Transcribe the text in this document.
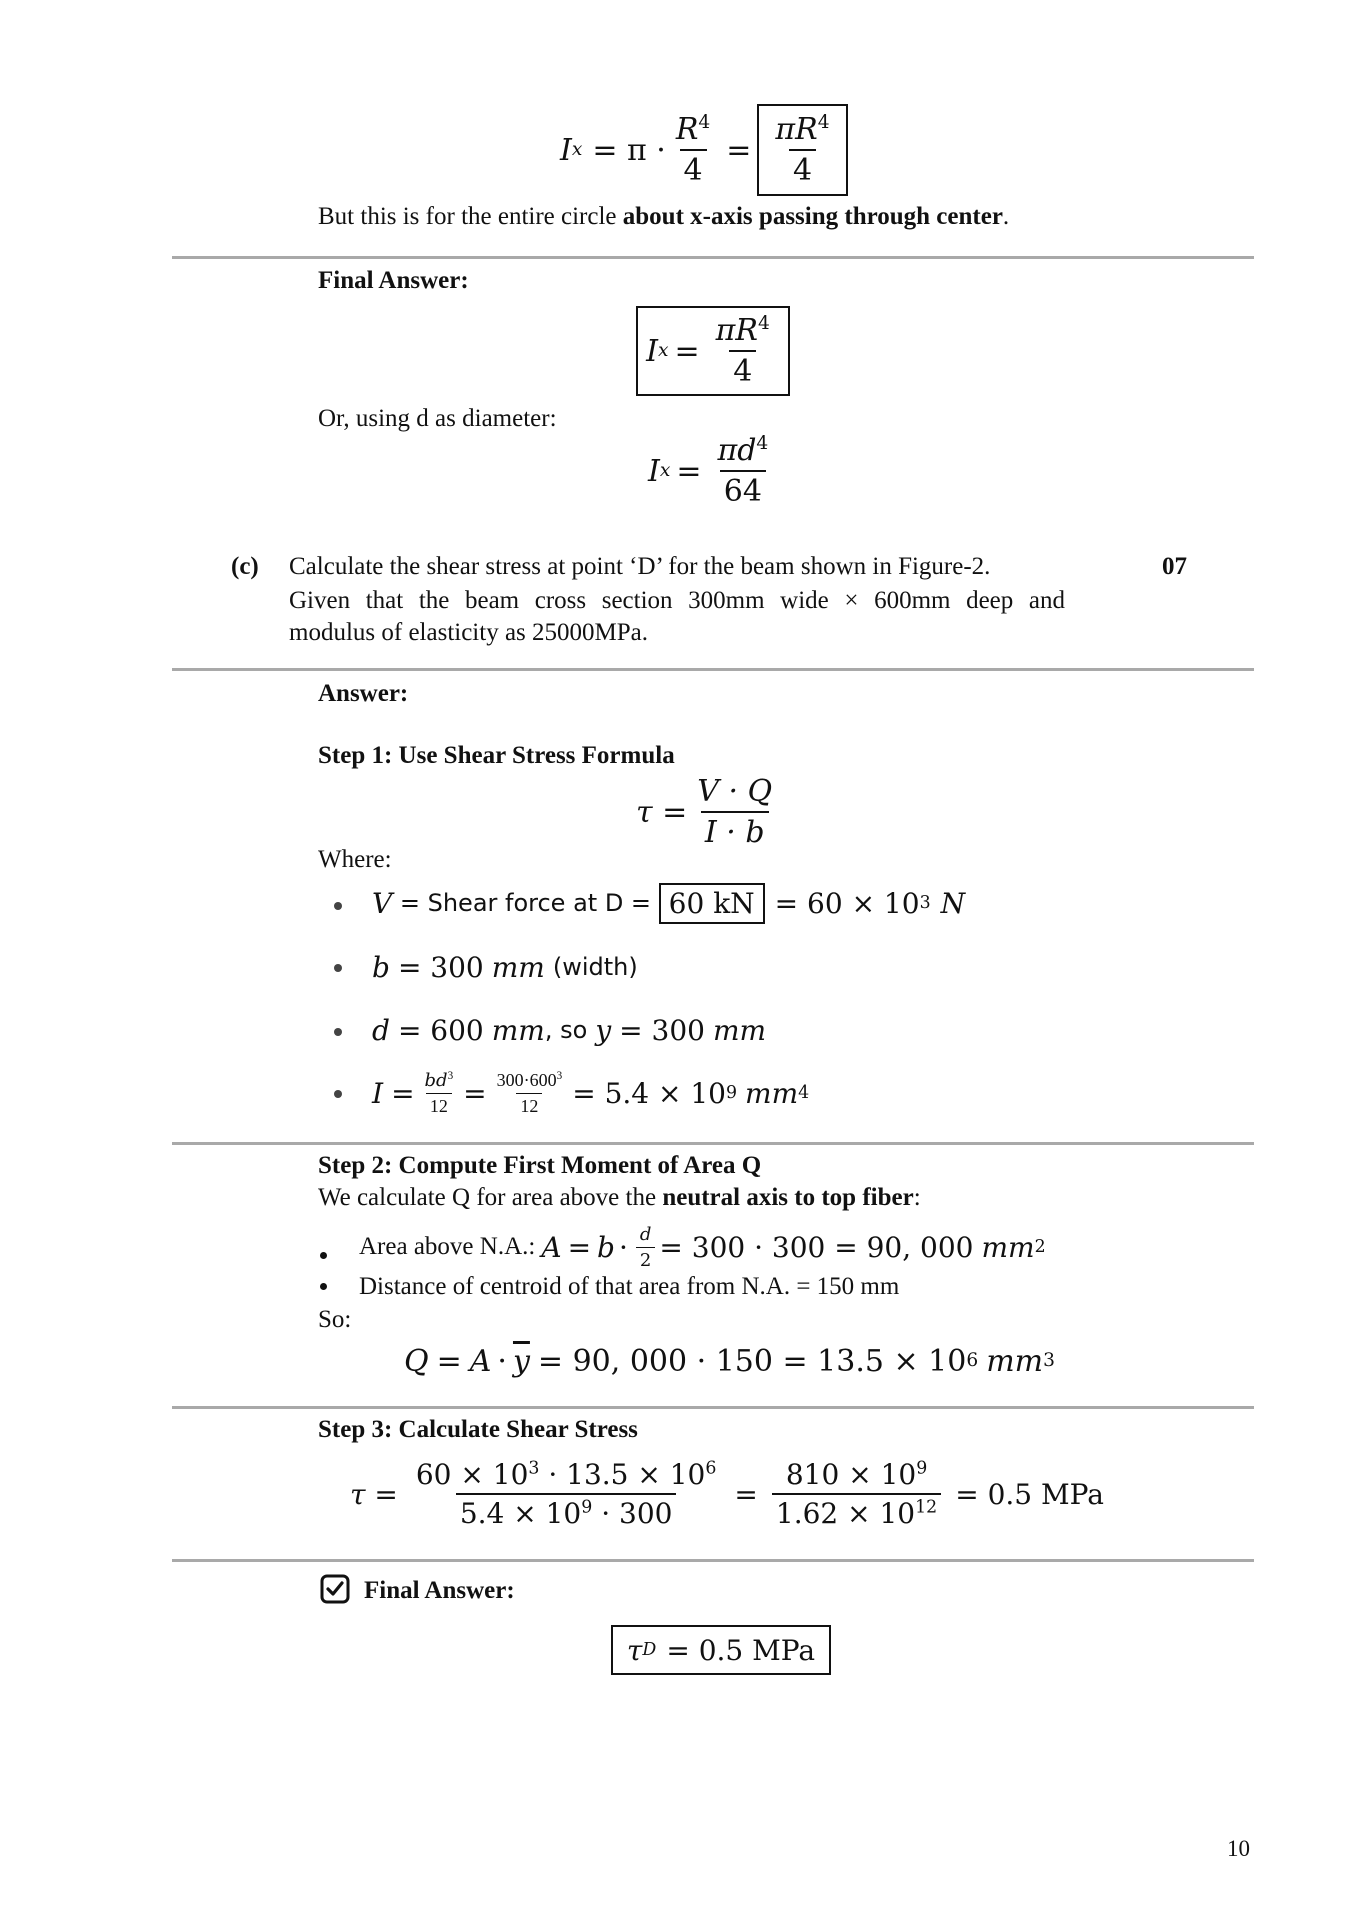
I $x = \pi \cdot \frac{R^4}{4} = \frac{\pi R^4}{4}$
But this is for the entire circle about x-axis passing through center.
Final Answer:
I $x = \frac{\pi R^4}{4}$
Or, using d as diameter:
I $x = \frac{\pi d^4}{64}$
(c) Calculate the shear stress at point ‘D’ for the beam shown in Figure-2.
Given that the beam cross section 300mm wide × 600mm deep and
modulus of elasticity as 25000MPa.
07
Answer:
Step 1: Use Shear Stress Formula
$\tau = \frac{V \cdot Q}{I \cdot b}$
Where:
V = Shear force at D = 60 kN = 60 × 10 3 N
b = 300 mm (width)
d = 600 mm , so y = 300 mm
$I = \frac{bd^3}{12} = \frac{300\cdot 600^3}{12} = 5.4 \times 10$ 9 mm 4
Step 2: Compute First Moment of Area Q
We calculate Q for area above the neutral axis to top fiber:
Area above N.A.: $A = b \cdot \frac{d}{2} = 300 \cdot 300 = 90$, 000 mm 2
Distance of centroid of that area from N.A. = 150 mm
So:
$Q = A \cdot \overline{y} = 90$, 000 · 150 = 13.5 × 10 6 mm 3
Step 3: Calculate Shear Stress
$\tau = \frac{60 \times 10^3 \cdot 13.5 \times 10^6}{5.4 \times 10^9 \cdot 300} = \frac{810 \times 10^9}{1.62 \times 10^{12}} = 0.5$ MPa
Final Answer:
τ D = 0.5 MPa
10
